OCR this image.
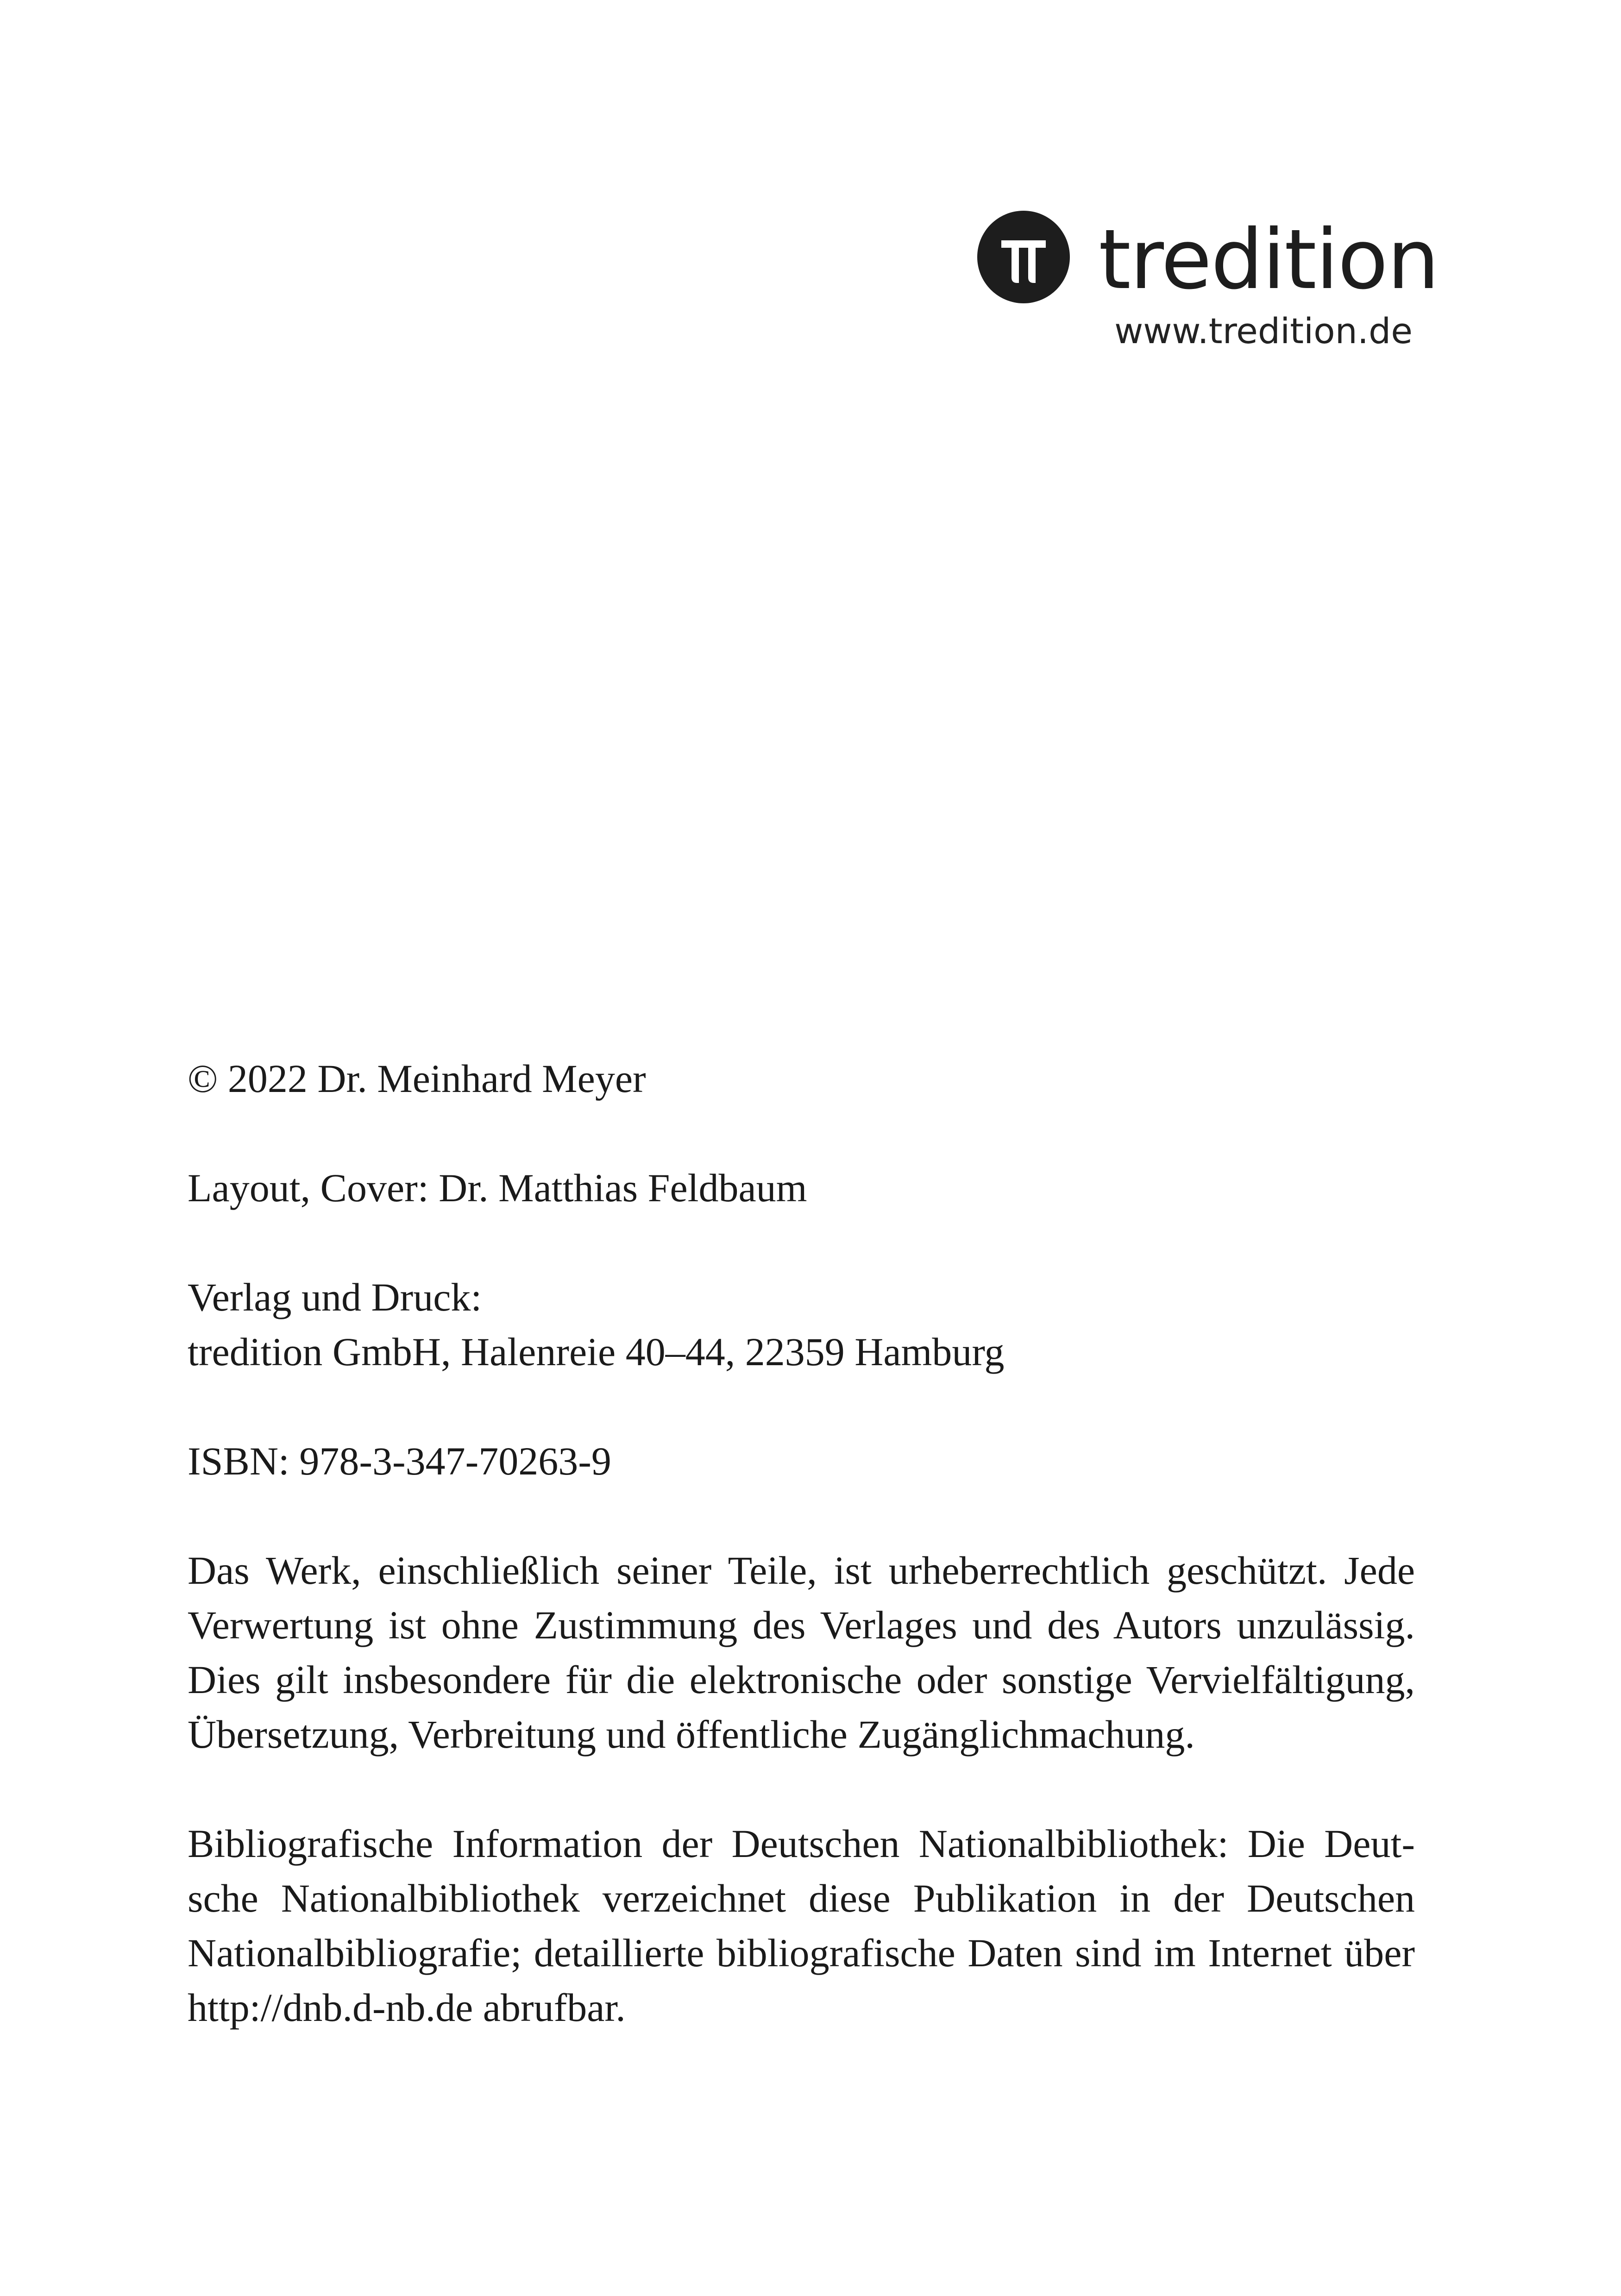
tredition
www.tredition.de

© 2022 Dr. Meinhard Meyer

Layout, Cover: Dr. Matthias Feldbaum

Verlag und Druck:

tredition GmbH, Halenreie 40–44, 22359 Hamburg

ISBN: 978-3-347-70263-9

Das Werk, einschließlich seiner Teile, ist urheberrechtlich geschützt. Jede Verwertung ist ohne Zustimmung des Verlages und des Autors unzulässig. Dies gilt insbesondere für die elektronische oder sonstige Vervielfältigung, Übersetzung, Verbreitung und öffentliche Zugänglichmachung.

Bibliografische Information der Deutschen Nationalbibliothek: Die Deutsche Nationalbibliothek verzeichnet diese Publikation in der Deutschen Nationalbibliografie; detaillierte bibliografische Daten sind im Internet über http://dnb.d-nb.de abrufbar.
